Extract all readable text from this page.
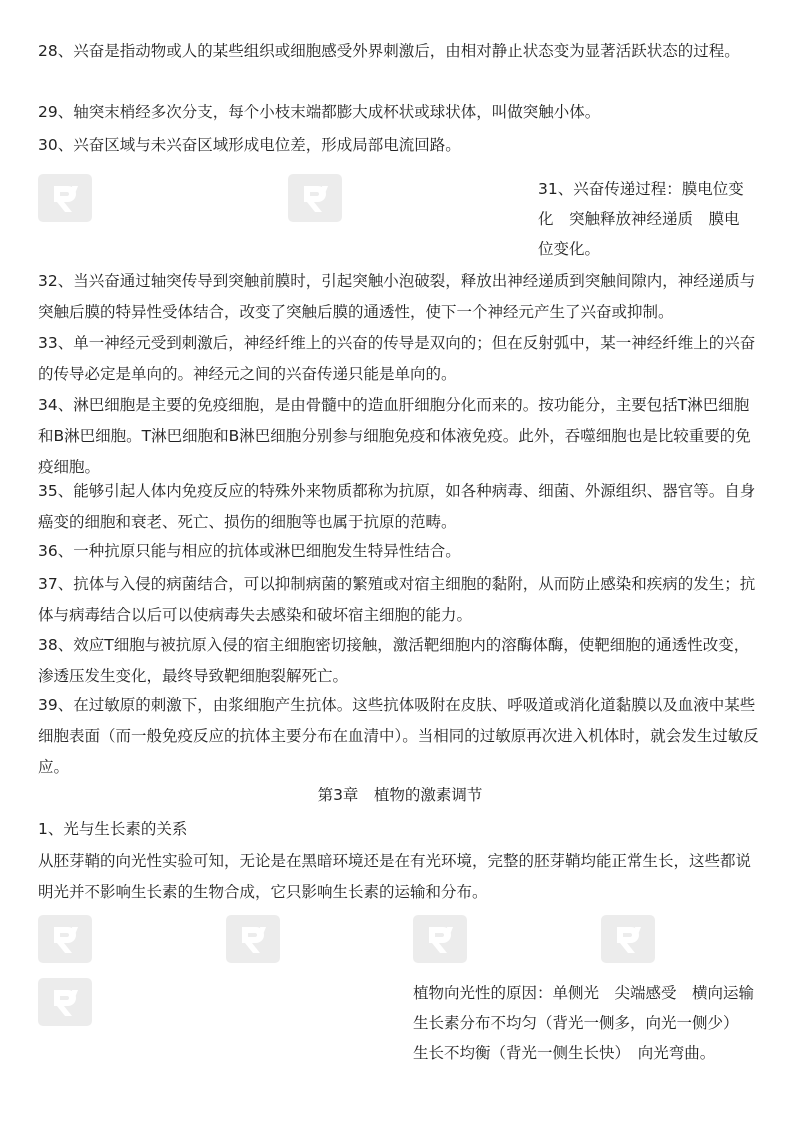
28、兴奋是指动物或人的某些组织或细胞感受外界刺激后，由相对静止状态变为显著活跃状态的过程。

29、轴突末梢经多次分支，每个小枝末端都膨大成杯状或球状体，叫做突触小体。

30、兴奋区域与未兴奋区域形成电位差，形成局部电流回路。

31、兴奋传递过程：膜电位变化　突触释放神经递质　膜电位变化。

32、当兴奋通过轴突传导到突触前膜时，引起突触小泡破裂，释放出神经递质到突触间隙内，神经递质与突触后膜的特异性受体结合，改变了突触后膜的通透性，使下一个神经元产生了兴奋或抑制。

33、单一神经元受到刺激后，神经纤维上的兴奋的传导是双向的；但在反射弧中，某一神经纤维上的兴奋的传导必定是单向的。神经元之间的兴奋传递只能是单向的。

34、淋巴细胞是主要的免疫细胞，是由骨髓中的造血肝细胞分化而来的。按功能分，主要包括T淋巴细胞和B淋巴细胞。T淋巴细胞和B淋巴细胞分别参与细胞免疫和体液免疫。此外，吞噬细胞也是比较重要的免疫细胞。

35、能够引起人体内免疫反应的特殊外来物质都称为抗原，如各种病毒、细菌、外源组织、器官等。自身癌变的细胞和衰老、死亡、损伤的细胞等也属于抗原的范畴。

36、一种抗原只能与相应的抗体或淋巴细胞发生特异性结合。

37、抗体与入侵的病菌结合，可以抑制病菌的繁殖或对宿主细胞的黏附，从而防止感染和疾病的发生；抗体与病毒结合以后可以使病毒失去感染和破坏宿主细胞的能力。

38、效应T细胞与被抗原入侵的宿主细胞密切接触，激活靶细胞内的溶酶体酶，使靶细胞的通透性改变，渗透压发生变化，最终导致靶细胞裂解死亡。

39、在过敏原的刺激下，由浆细胞产生抗体。这些抗体吸附在皮肤、呼吸道或消化道黏膜以及血液中某些细胞表面（而一般免疫反应的抗体主要分布在血清中）。当相同的过敏原再次进入机体时，就会发生过敏反应。

第3章　植物的激素调节

1、光与生长素的关系

从胚芽鞘的向光性实验可知，无论是在黑暗环境还是在有光环境，完整的胚芽鞘均能正常生长，这些都说明光并不影响生长素的生物合成，它只影响生长素的运输和分布。

植物向光性的原因：单侧光　尖端感受　横向运输　生长素分布不均匀（背光一侧多，向光一侧少）　生长不均衡（背光一侧生长快）　向光弯曲。
